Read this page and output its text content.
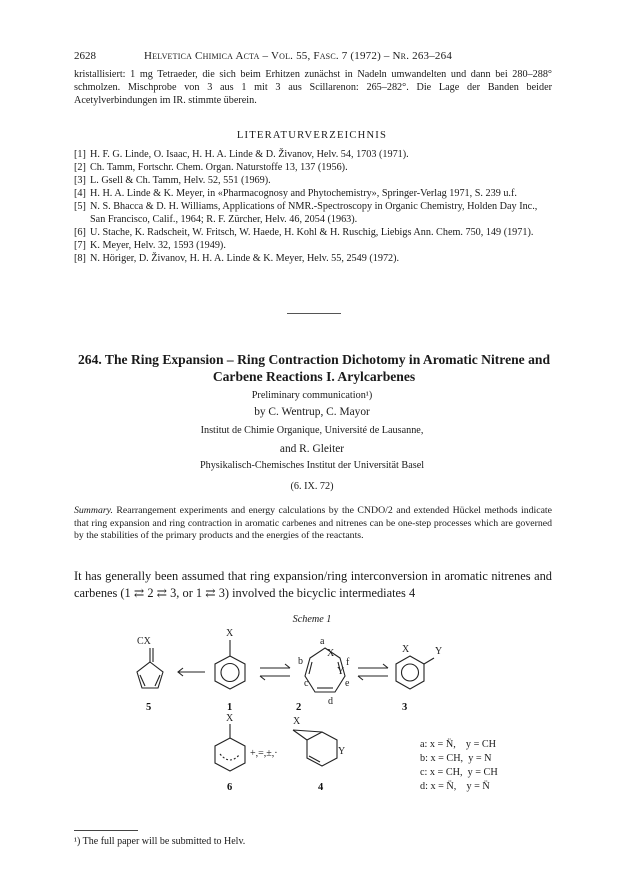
2628	Helvetica Chimica Acta – Vol. 55, Fasc. 7 (1972) – Nr. 263–264
kristallisiert: 1 mg Tetraeder, die sich beim Erhitzen zunächst in Nadeln umwandelten und dann bei 280–288° schmolzen. Mischprobe von 3 aus 1 mit 3 aus Scillarenon: 265–282°. Die Lage der Banden beider Acetylverbindungen im IR. stimmte überein.
LITERATURVERZEICHNIS
[1] H. F. G. Linde, O. Isaac, H. H. A. Linde & D. Živanov, Helv. 54, 1703 (1971).
[2] Ch. Tamm, Fortschr. Chem. Organ. Naturstoffe 13, 137 (1956).
[3] L. Gsell & Ch. Tamm, Helv. 52, 551 (1969).
[4] H. H. A. Linde & K. Meyer, in «Pharmacognosy and Phytochemistry», Springer-Verlag 1971, S. 239 u.f.
[5] N. S. Bhacca & D. H. Williams, Applications of NMR.-Spectroscopy in Organic Chemistry, Holden Day Inc., San Francisco, Calif., 1964; R. F. Zürcher, Helv. 46, 2054 (1963).
[6] U. Stache, K. Radscheit, W. Fritsch, W. Haede, H. Kohl & H. Ruschig, Liebigs Ann. Chem. 750, 149 (1971).
[7] K. Meyer, Helv. 32, 1593 (1949).
[8] N. Höriger, D. Živanov, H. H. A. Linde & K. Meyer, Helv. 55, 2549 (1972).
264. The Ring Expansion – Ring Contraction Dichotomy in Aromatic Nitrene and Carbene Reactions I. Arylcarbenes
Preliminary communication¹)
by C. Wentrup, C. Mayor
Institut de Chimie Organique, Université de Lausanne,
and R. Gleiter
Physikalisch-Chemisches Institut der Universität Basel
(6. IX. 72)
Summary. Rearrangement experiments and energy calculations by the CNDO/2 and extended Hückel methods indicate that ring expansion and ring contraction in aromatic carbenes and nitrenes can be one-step processes which are governed by the stabilities of the primary products and the energies of the reactants.
It has generally been assumed that ring expansion/ring interconversion in aromatic nitrenes and carbenes (1 ⇄ 2 ⇄ 3, or 1 ⇄ 3) involved the bicyclic intermediates 4
Scheme 1
CX
X
a
X
b	f
Y
c	e
d
X	Y
X
+,=,±,·
X
Y
5	1	2	3
6	4
a: x = N̈,    y = CH
b: x = CH,  y = N
c: x = CH,  y = CH
d: x = N̈,    y = N̈
¹) The full paper will be submitted to Helv.
